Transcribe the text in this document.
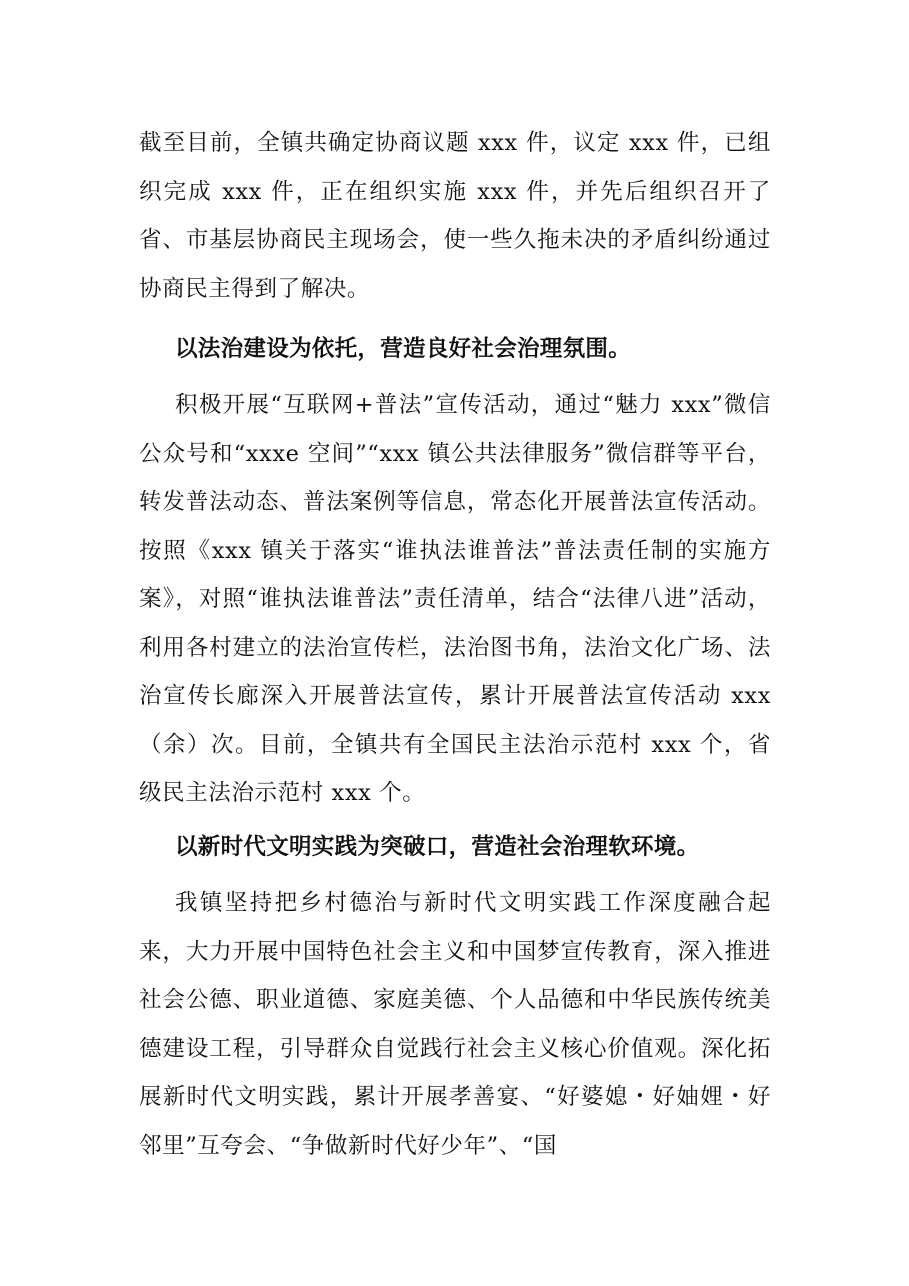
截至目前，全镇共确定协商议题 xxx 件，议定 xxx 件，已组织完成 xxx 件，正在组织实施 xxx 件，并先后组织召开了省、市基层协商民主现场会，使一些久拖未决的矛盾纠纷通过协商民主得到了解决。

以法治建设为依托，营造良好社会治理氛围。

积极开展“互联网+普法”宣传活动，通过“魅力 xxx”微信公众号和“xxxe 空间”“xxx 镇公共法律服务”微信群等平台，转发普法动态、普法案例等信息，常态化开展普法宣传活动。按照《xxx 镇关于落实“谁执法谁普法”普法责任制的实施方案》，对照“谁执法谁普法”责任清单，结合“法律八进”活动，利用各村建立的法治宣传栏，法治图书角，法治文化广场、法治宣传长廊深入开展普法宣传，累计开展普法宣传活动 xxx（余）次。目前，全镇共有全国民主法治示范村 xxx 个，省级民主法治示范村 xxx 个。

以新时代文明实践为突破口，营造社会治理软环境。

我镇坚持把乡村德治与新时代文明实践工作深度融合起来，大力开展中国特色社会主义和中国梦宣传教育，深入推进社会公德、职业道德、家庭美德、个人品德和中华民族传统美德建设工程，引导群众自觉践行社会主义核心价值观。深化拓展新时代文明实践，累计开展孝善宴、“好婆媳・好妯娌・好邻里”互夸会、“争做新时代好少年”、“国
